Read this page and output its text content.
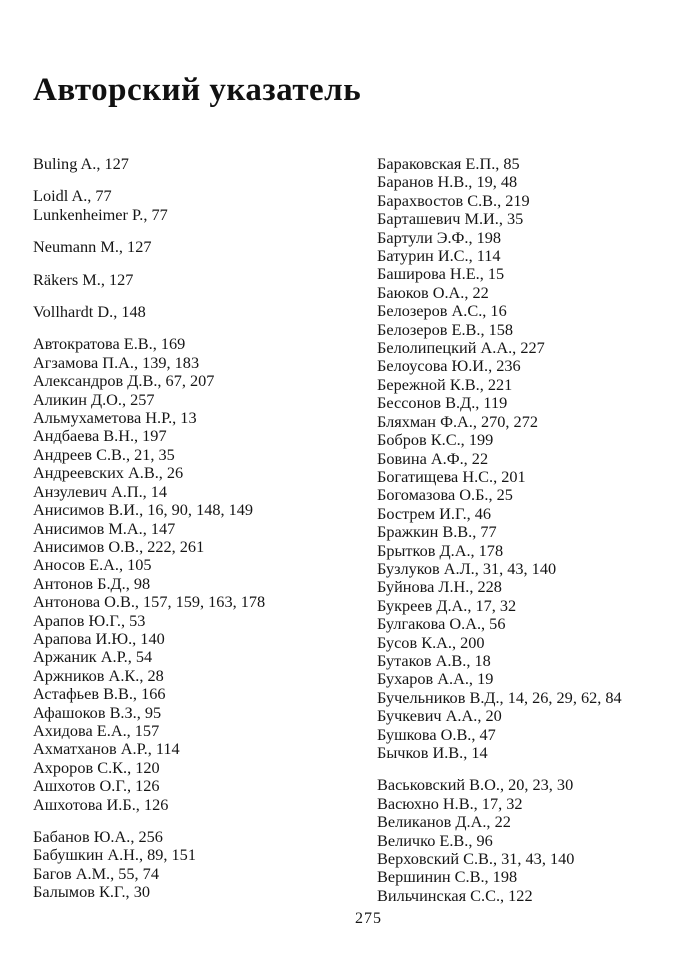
Авторский указатель
Buling A., 127
Loidl A., 77
Lunkenheimer P., 77
Neumann M., 127
Räkers M., 127
Vollhardt D., 148
Автократова Е.В., 169
Агзамова П.А., 139, 183
Александров Д.В., 67, 207
Аликин Д.О., 257
Альмухаметова Н.Р., 13
Андбаева В.Н., 197
Андреев С.В., 21, 35
Андреевских А.В., 26
Анзулевич А.П., 14
Анисимов В.И., 16, 90, 148, 149
Анисимов М.А., 147
Анисимов О.В., 222, 261
Аносов Е.А., 105
Антонов Б.Д., 98
Антонова О.В., 157, 159, 163, 178
Арапов Ю.Г., 53
Арапова И.Ю., 140
Аржаник А.Р., 54
Аржников А.К., 28
Астафьев В.В., 166
Афашоков В.З., 95
Ахидова Е.А., 157
Ахматханов А.Р., 114
Ахроров С.К., 120
Ашхотов О.Г., 126
Ашхотова И.Б., 126
Бабанов Ю.А., 256
Бабушкин А.Н., 89, 151
Багов А.М., 55, 74
Балымов К.Г., 30
Бараковская Е.П., 85
Баранов Н.В., 19, 48
Барахвостов С.В., 219
Барташевич М.И., 35
Бартули Э.Ф., 198
Батурин И.С., 114
Баширова Н.Е., 15
Баюков О.А., 22
Белозеров А.С., 16
Белозеров Е.В., 158
Белолипецкий А.А., 227
Белоусова Ю.И., 236
Бережной К.В., 221
Бессонов В.Д., 119
Бляхман Ф.А., 270, 272
Бобров К.С., 199
Бовина А.Ф., 22
Богатищева Н.С., 201
Богомазова О.Б., 25
Бострем И.Г., 46
Бражкин В.В., 77
Брытков Д.А., 178
Бузлуков А.Л., 31, 43, 140
Буйнова Л.Н., 228
Букреев Д.А., 17, 32
Булгакова О.А., 56
Бусов К.А., 200
Бутаков А.В., 18
Бухаров А.А., 19
Бучельников В.Д., 14, 26, 29, 62, 84
Бучкевич А.А., 20
Бушкова О.В., 47
Бычков И.В., 14
Васьковский В.О., 20, 23, 30
Васюхно Н.В., 17, 32
Великанов Д.А., 22
Величко Е.В., 96
Верховский С.В., 31, 43, 140
Вершинин С.В., 198
Вильчинская С.С., 122
275
